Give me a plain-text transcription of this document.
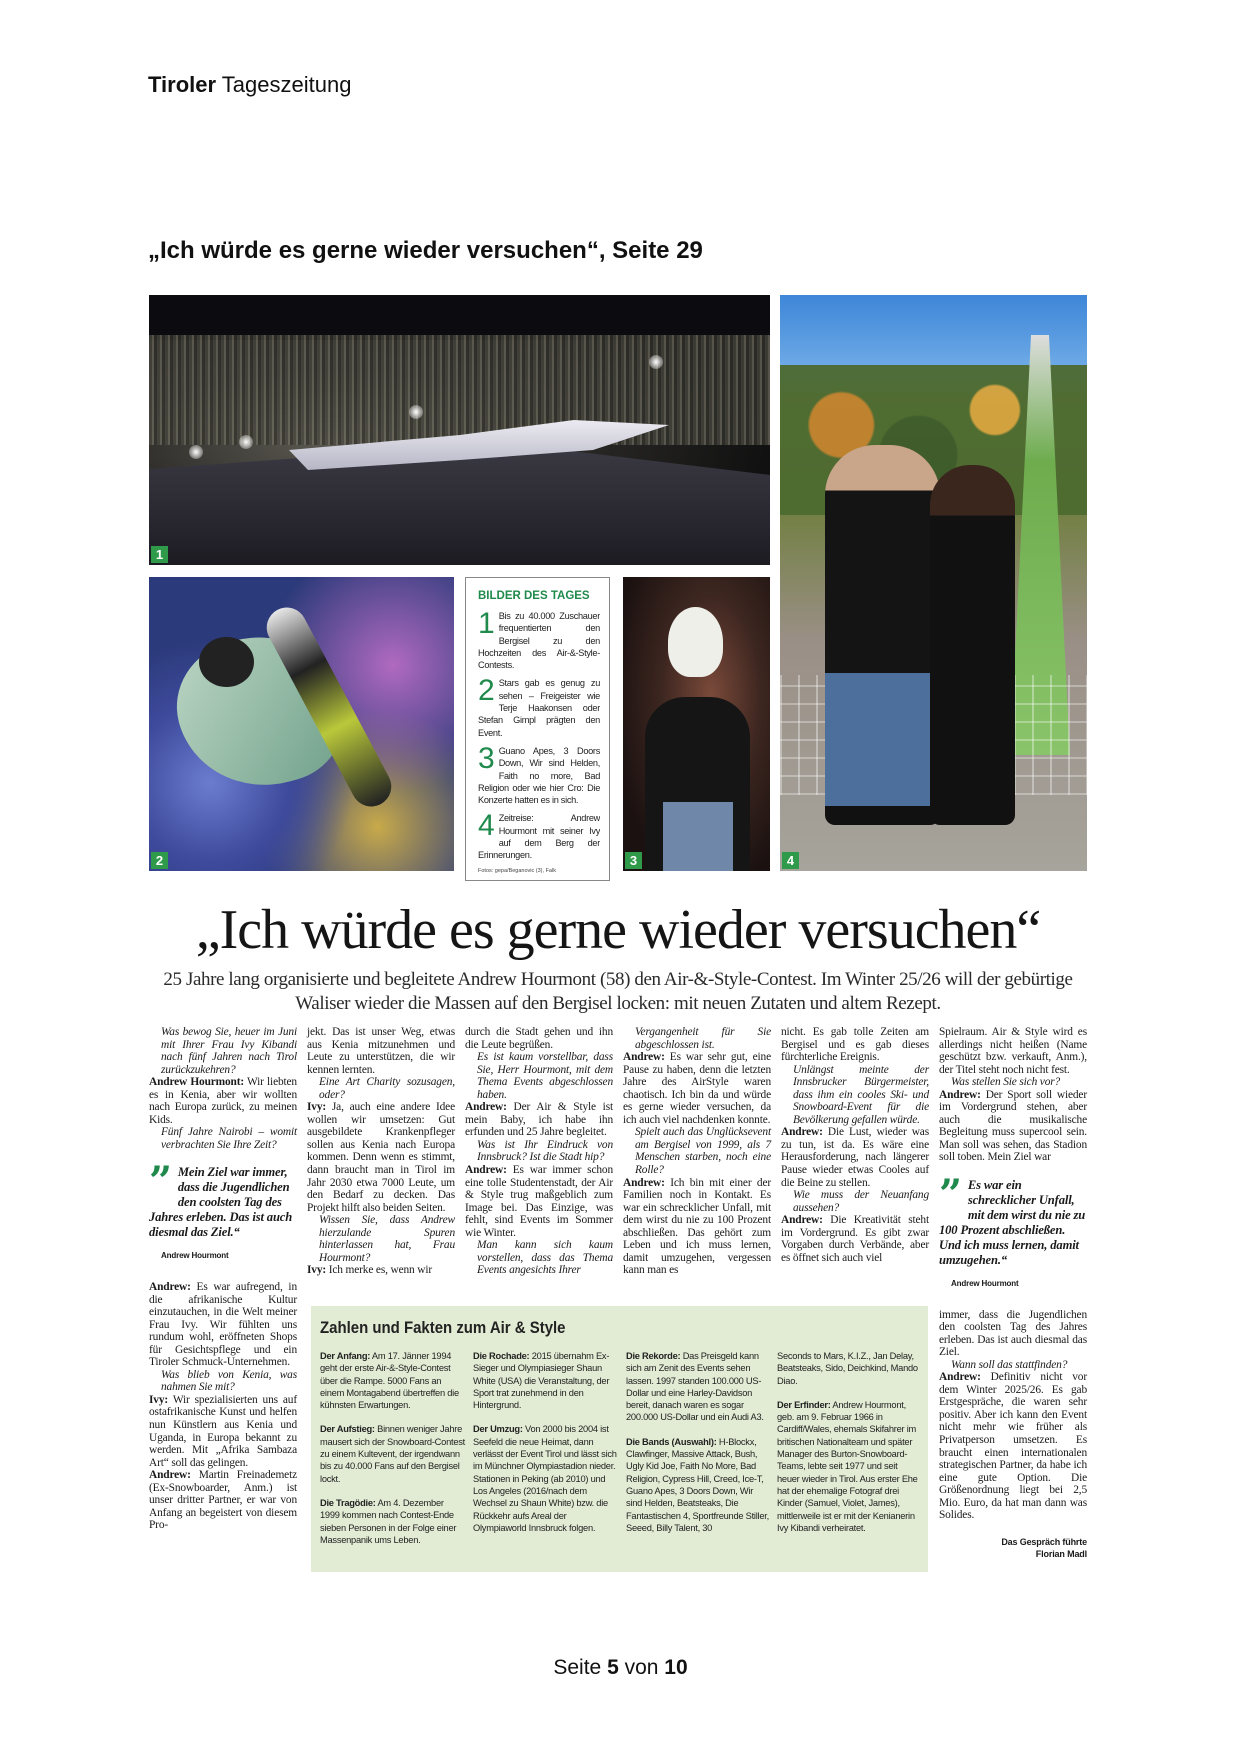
Tiroler Tageszeitung
„Ich würde es gerne wieder versuchen“, Seite 29
1
2
BILDER DES TAGES
1 Bis zu 40.000 Zuschauer frequentierten den Bergisel zu den Hochzeiten des Air-&-Style-Contests.
2 Stars gab es genug zu sehen – Freigeister wie Terje Haakonsen oder Stefan Gimpl prägten den Event.
3 Guano Apes, 3 Doors Down, Wir sind Helden, Faith no more, Bad Religion oder wie hier Cro: Die Konzerte hatten es in sich.
4 Zeitreise: Andrew Hourmont mit seiner Ivy auf dem Berg der Erinnerungen.
Fotos: gepa/Beganovic (3), Falk
3	4
„Ich würde es gerne wieder versuchen“
25 Jahre lang organisierte und begleitete Andrew Hourmont (58) den Air-&-Style-Contest. Im Winter 25/26 will der gebürtige Waliser wieder die Massen auf den Bergisel locken: mit neuen Zutaten und altem Rezept.

Was bewog Sie, heuer im Juni mit Ihrer Frau Ivy Kibandi nach fünf Jahren nach Tirol zurückzukehren?

Andrew Hourmont: Wir liebten es in Kenia, aber wir wollten nach Europa zurück, zu meinen Kids.

Fünf Jahre Nairobi – womit verbrachten Sie Ihre Zeit?

”
Mein Ziel war immer, dass die Jugendlichen den coolsten Tag des Jahres erleben. Das ist auch diesmal das Ziel.“
Andrew Hourmont

Andrew: Es war aufregend, in die afrikanische Kultur einzutauchen, in die Welt meiner Frau Ivy. Wir fühlten uns rundum wohl, eröffneten Shops für Gesichtspflege und ein Tiroler Schmuck-Unternehmen.

Was blieb von Kenia, was nahmen Sie mit?

Ivy: Wir spezialisierten uns auf ostafrikanische Kunst und helfen nun Künstlern aus Kenia und Uganda, in Europa bekannt zu werden. Mit „Afrika Sambaza Art“ soll das gelingen.

Andrew: Martin Freinademetz (Ex-Snowboarder, Anm.) ist unser dritter Partner, er war von Anfang an begeistert von diesem Pro-

jekt. Das ist unser Weg, etwas aus Kenia mitzunehmen und Leute zu unterstützen, die wir kennen lernten.

Eine Art Charity sozusagen, oder?

Ivy: Ja, auch eine andere Idee wollen wir umsetzen: Gut ausgebildete Krankenpfleger sollen aus Kenia nach Europa kommen. Denn wenn es stimmt, dann braucht man in Tirol im Jahr 2030 etwa 7000 Leute, um den Bedarf zu decken. Das Projekt hilft also beiden Seiten.

Wissen Sie, dass Andrew hierzulande Spuren hinterlassen hat, Frau Hourmont?

Ivy: Ich merke es, wenn wir

durch die Stadt gehen und ihn die Leute begrüßen.

Es ist kaum vorstellbar, dass Sie, Herr Hourmont, mit dem Thema Events abgeschlossen haben.

Andrew: Der Air & Style ist mein Baby, ich habe ihn erfunden und 25 Jahre begleitet.

Was ist Ihr Eindruck von Innsbruck? Ist die Stadt hip?

Andrew: Es war immer schon eine tolle Studentenstadt, der Air & Style trug maßgeblich zum Image bei. Das Einzige, was fehlt, sind Events im Sommer wie Winter.

Man kann sich kaum vorstellen, dass das Thema Events angesichts Ihrer

Vergangenheit für Sie abgeschlossen ist.

Andrew: Es war sehr gut, eine Pause zu haben, denn die letzten Jahre des AirStyle waren chaotisch. Ich bin da und würde es gerne wieder versuchen, da ich auch viel nachdenken konnte.

Spielt auch das Unglücksevent am Bergisel von 1999, als 7 Menschen starben, noch eine Rolle?

Andrew: Ich bin mit einer der Familien noch in Kontakt. Es war ein schrecklicher Unfall, mit dem wirst du nie zu 100 Prozent abschließen. Das gehört zum Leben und ich muss lernen, damit umzugehen, vergessen kann man es

nicht. Es gab tolle Zeiten am Bergisel und es gab dieses fürchterliche Ereignis.

Unlängst meinte der Innsbrucker Bürgermeister, dass ihm ein cooles Ski- und Snowboard-Event für die Bevölkerung gefallen würde.

Andrew: Die Lust, wieder was zu tun, ist da. Es wäre eine Herausforderung, nach längerer Pause wieder etwas Cooles auf die Beine zu stellen.

Wie muss der Neuanfang aussehen?

Andrew: Die Kreativität steht im Vordergrund. Es gibt zwar Vorgaben durch Verbände, aber es öffnet sich auch viel

Spielraum. Air & Style wird es allerdings nicht heißen (Name geschützt bzw. verkauft, Anm.), der Titel steht noch nicht fest.

Was stellen Sie sich vor?

Andrew: Der Sport soll wieder im Vordergrund stehen, aber auch die musikalische Begleitung muss supercool sein. Man soll was sehen, das Stadion soll toben. Mein Ziel war

”
Es war ein schrecklicher Unfall, mit dem wirst du nie zu 100 Prozent abschließen. Und ich muss lernen, damit umzugehen.“
Andrew Hourmont

immer, dass die Jugendlichen den coolsten Tag des Jahres erleben. Das ist auch diesmal das Ziel.

Wann soll das stattfinden?

Andrew: Definitiv nicht vor dem Winter 2025/26. Es gab Erstgespräche, die waren sehr positiv. Aber ich kann den Event nicht mehr wie früher als Privatperson umsetzen. Es braucht einen internationalen strategischen Partner, da habe ich eine gute Option. Die Größenordnung liegt bei 2,5 Mio. Euro, da hat man dann was Solides.

Das Gespräch führte
Florian Madl
Zahlen und Fakten zum Air & Style

Der Anfang: Am 17. Jänner 1994 geht der erste Air-&-Style-Contest über die Rampe. 5000 Fans an einem Montagabend übertreffen die kühnsten Erwartungen.

Der Aufstieg: Binnen weniger Jahre mausert sich der Snowboard-Contest zu einem Kultevent, der irgendwann bis zu 40.000 Fans auf den Bergisel lockt.

Die Tragödie: Am 4. Dezember 1999 kommen nach Contest-Ende sieben Personen in der Folge einer Massenpanik ums Leben.

Die Rochade: 2015 übernahm Ex-Sieger und Olympiasieger Shaun White (USA) die Veranstaltung, der Sport trat zunehmend in den Hintergrund.

Der Umzug: Von 2000 bis 2004 ist Seefeld die neue Heimat, dann verlässt der Event Tirol und lässt sich im Münchner Olympiastadion nieder. Stationen in Peking (ab 2010) und Los Angeles (2016/nach dem Wechsel zu Shaun White) bzw. die Rückkehr aufs Areal der Olympiaworld Innsbruck folgen.

Die Rekorde: Das Preisgeld kann sich am Zenit des Events sehen lassen. 1997 standen 100.000 US-Dollar und eine Harley-Davidson bereit, danach waren es sogar 200.000 US-Dollar und ein Audi A3.

Die Bands (Auswahl): H-Blockx, Clawfinger, Massive Attack, Bush, Ugly Kid Joe, Faith No More, Bad Religion, Cypress Hill, Creed, Ice-T, Guano Apes, 3 Doors Down, Wir sind Helden, Beatsteaks, Die Fantastischen 4, Sportfreunde Stiller, Seeed, Billy Talent, 30

Seconds to Mars, K.I.Z., Jan Delay, Beatsteaks, Sido, Deichkind, Mando Diao.

Der Erfinder: Andrew Hourmont, geb. am 9. Februar 1966 in Cardiff/Wales, ehemals Skifahrer im britischen Nationalteam und später Manager des Burton-Snowboard-Teams, lebte seit 1977 und seit heuer wieder in Tirol. Aus erster Ehe hat der ehemalige Fotograf drei Kinder (Samuel, Violet, James), mittlerweile ist er mit der Kenianerin Ivy Kibandi verheiratet.

Seite 5 von 10
